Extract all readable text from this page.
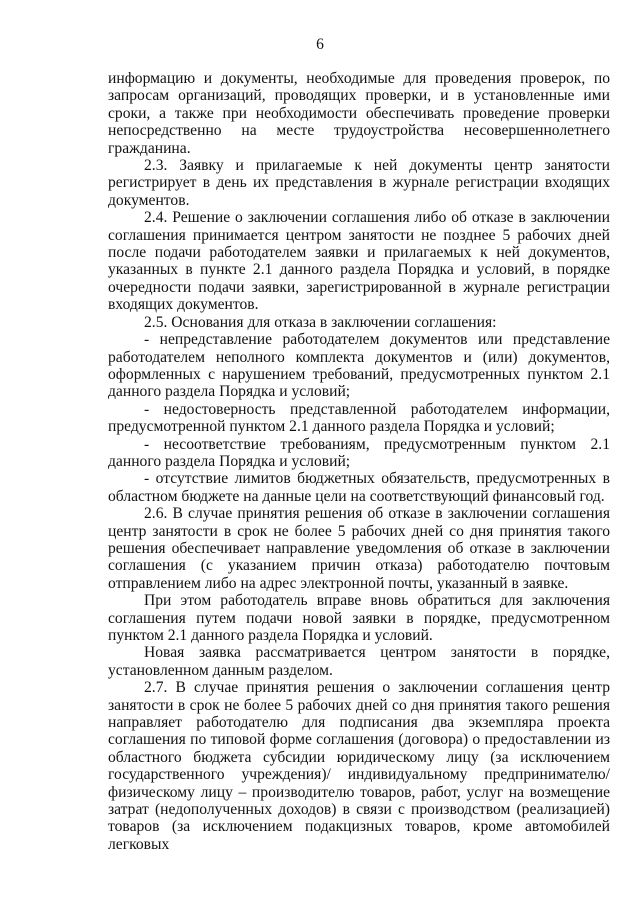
6

информацию и документы, необходимые для проведения проверок, по запросам организаций, проводящих проверки, и в установленные ими сроки, а также при необходимости обеспечивать проведение проверки непосредственно на месте трудоустройства несовершеннолетнего гражданина.

2.3. Заявку и прилагаемые к ней документы центр занятости регистрирует в день их представления в журнале регистрации входящих документов.

2.4. Решение о заключении соглашения либо об отказе в заключении соглашения принимается центром занятости не позднее 5 рабочих дней после подачи работодателем заявки и прилагаемых к ней документов, указанных в пункте 2.1 данного раздела Порядка и условий, в порядке очередности подачи заявки, зарегистрированной в журнале регистрации входящих документов.

2.5. Основания для отказа в заключении соглашения:

- непредставление работодателем документов или представление работодателем неполного комплекта документов и (или) документов, оформленных с нарушением требований, предусмотренных пунктом 2.1 данного раздела Порядка и условий;

- недостоверность представленной работодателем информации, предусмотренной пунктом 2.1 данного раздела Порядка и условий;

- несоответствие требованиям, предусмотренным пунктом 2.1 данного раздела Порядка и условий;

- отсутствие лимитов бюджетных обязательств, предусмотренных в областном бюджете на данные цели на соответствующий финансовый год.

2.6. В случае принятия решения об отказе в заключении соглашения центр занятости в срок не более 5 рабочих дней со дня принятия такого решения обеспечивает направление уведомления об отказе в заключении соглашения (с указанием причин отказа) работодателю почтовым отправлением либо на адрес электронной почты, указанный в заявке.

При этом работодатель вправе вновь обратиться для заключения соглашения путем подачи новой заявки в порядке, предусмотренном пунктом 2.1 данного раздела Порядка и условий.

Новая заявка рассматривается центром занятости в порядке, установленном данным разделом.

2.7. В случае принятия решения о заключении соглашения центр занятости в срок не более 5 рабочих дней со дня принятия такого решения направляет работодателю для подписания два экземпляра проекта соглашения по типовой форме соглашения (договора) о предоставлении из областного бюджета субсидии юридическому лицу (за исключением государственного учреждения)/ индивидуальному предпринимателю/ физическому лицу – производителю товаров, работ, услуг на возмещение затрат (недополученных доходов) в связи с производством (реализацией) товаров (за исключением подакцизных товаров, кроме автомобилей легковых
